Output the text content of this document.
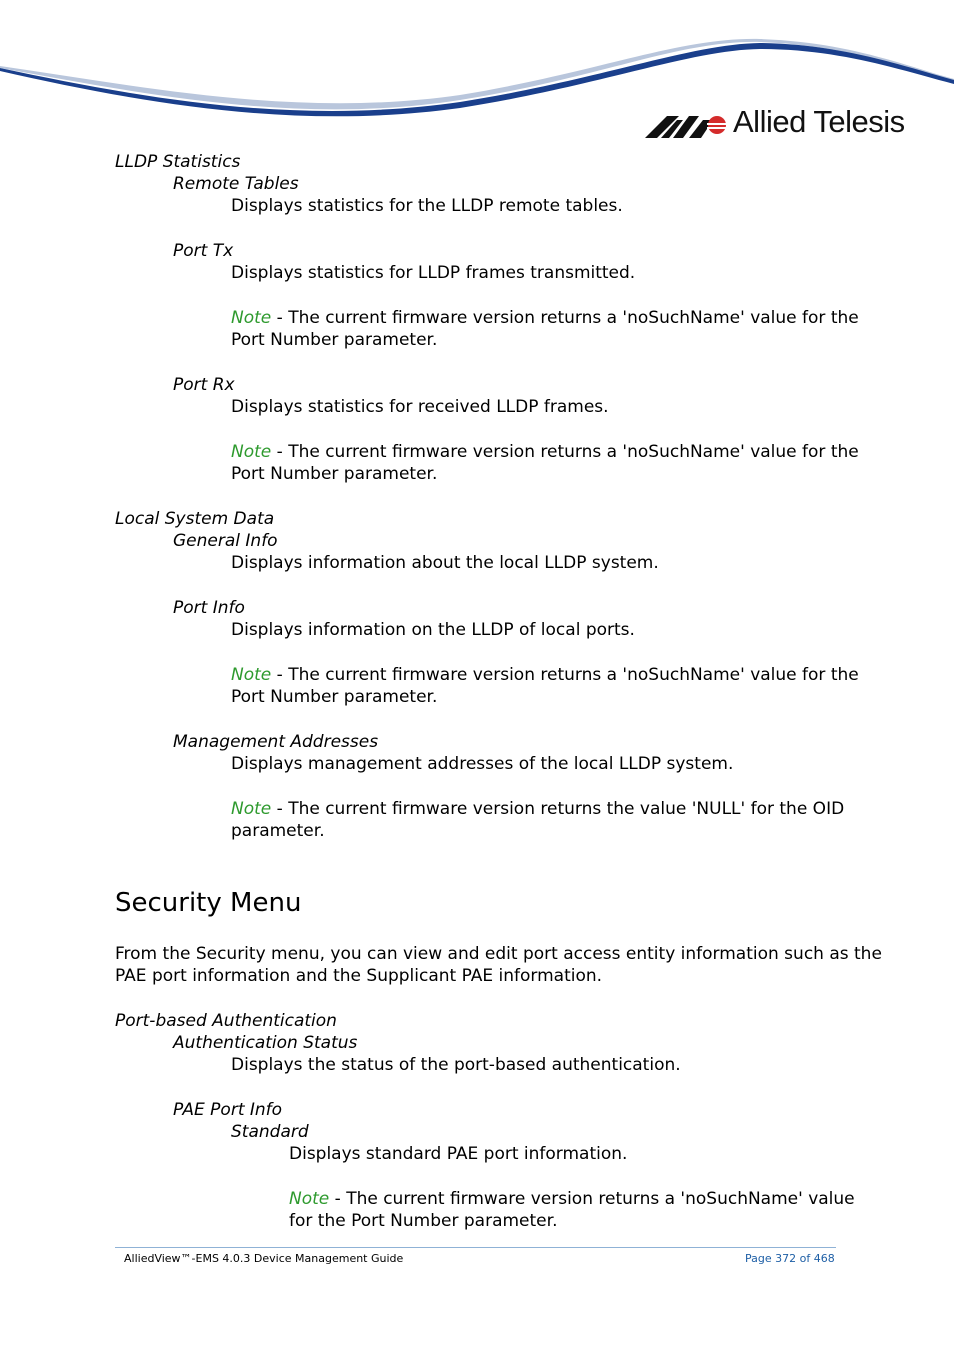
Allied Telesis
LLDP Statistics
Remote Tables
Displays statistics for the LLDP remote tables.
Port Tx
Displays statistics for LLDP frames transmitted.
Note - The current firmware version returns a 'noSuchName' value for the
Port Number parameter.
Port Rx
Displays statistics for received LLDP frames.
Note - The current firmware version returns a 'noSuchName' value for the
Port Number parameter.
Local System Data
General Info
Displays information about the local LLDP system.
Port Info
Displays information on the LLDP of local ports.
Note - The current firmware version returns a 'noSuchName' value for the
Port Number parameter.
Management Addresses
Displays management addresses of the local LLDP system.
Note - The current firmware version returns the value 'NULL' for the OID
parameter.
From the Security menu, you can view and edit port access entity information such as the
PAE port information and the Supplicant PAE information.
Port-based Authentication
Authentication Status
Displays the status of the port-based authentication.
PAE Port Info
Standard
Displays standard PAE port information.
Note - The current firmware version returns a 'noSuchName' value
for the Port Number parameter.
Security Menu
AlliedView™-EMS 4.0.3 Device Management Guide	Page 372 of 468
